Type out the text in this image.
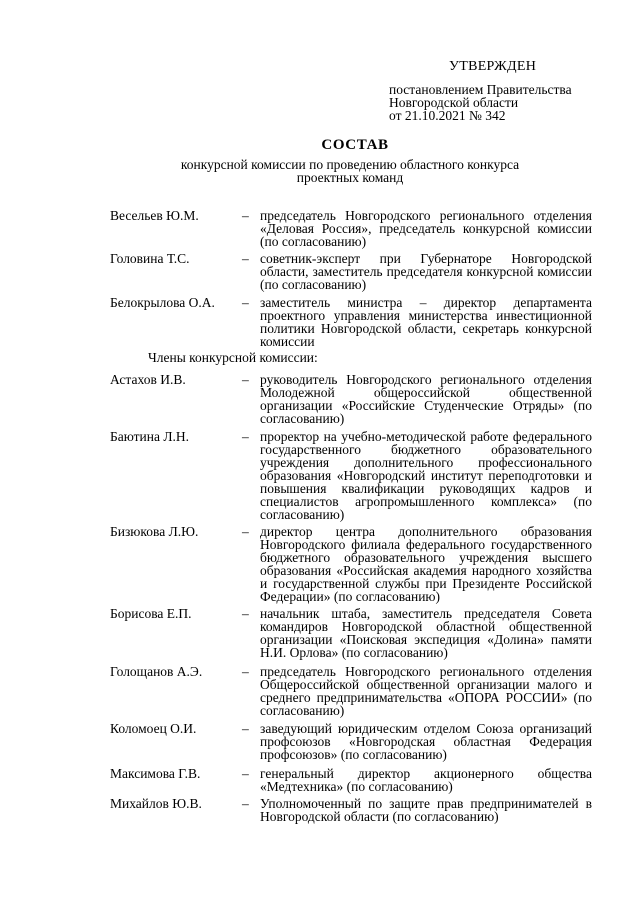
УТВЕРЖДЕН
постановлением Правительства
Новгородской области
от 21.10.2021 № 342
СОСТАВ
конкурсной комиссии по проведению областного конкурса
проектных команд
Весельев Ю.М.	– председатель Новгородского регионального отделения «Деловая Россия», председатель конкурсной комиссии (по согласованию)
Головина Т.С.	– советник-эксперт при Губернаторе Новгородской области, заместитель председателя конкурсной комиссии (по согласованию)
Белокрылова О.А. – заместитель министра – директор департамента проектного управления министерства инвестиционной политики Новгородской области, секретарь конкурсной комиссии
Члены конкурсной комиссии:
Астахов И.В.	– руководитель Новгородского регионального отделения Молодежной общероссийской общественной организации «Российские Студенческие Отряды» (по согласованию)
Баютина Л.Н.	– проректор на учебно-методической работе федерального государственного бюджетного образовательного учреждения дополнительного профессионального образования «Новгородский институт переподготовки и повышения квалификации руководящих кадров и специалистов агропромышленного комплекса» (по согласованию)
Бизюкова Л.Ю.	– директор центра дополнительного образования Новгородского филиала федерального государственного бюджетного образовательного учреждения высшего образования «Российская академия народного хозяйства и государственной службы при Президенте Российской Федерации» (по согласованию)
Борисова Е.П.	– начальник штаба, заместитель председателя Совета командиров Новгородской областной общественной организации «Поисковая экспедиция «Долина» памяти Н.И. Орлова» (по согласованию)
Голощанов А.Э.	– председатель Новгородского регионального отделения Общероссийской общественной организации малого и среднего предпринимательства «ОПОРА РОССИИ» (по согласованию)
Коломоец О.И.	– заведующий юридическим отделом Союза организаций профсоюзов «Новгородская областная Федерация профсоюзов» (по согласованию)
Максимова Г.В.	– генеральный директор акционерного общества «Медтехника» (по согласованию)
Михайлов Ю.В.	– Уполномоченный по защите прав предпринимателей в Новгородской области (по согласованию)
